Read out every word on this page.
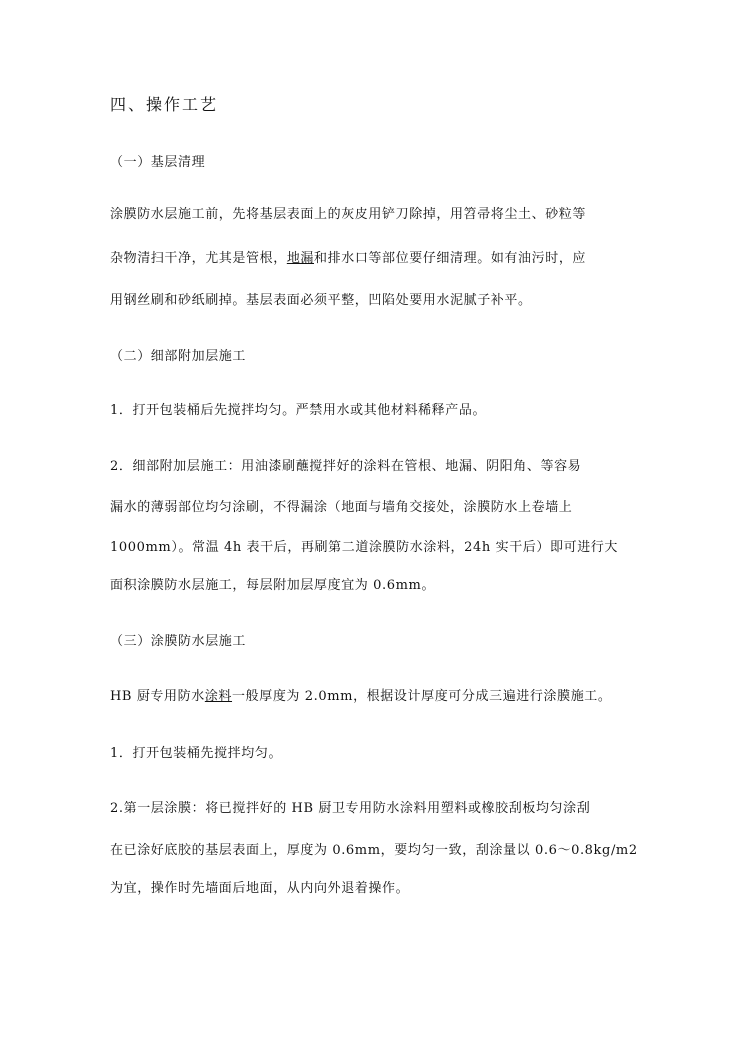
四、操作工艺
（一）基层清理
涂膜防水层施工前，先将基层表面上的灰皮用铲刀除掉，用笤帚将尘土、砂粒等
杂物清扫干净，尤其是管根，地漏和排水口等部位要仔细清理。如有油污时，应
用钢丝刷和砂纸刷掉。基层表面必须平整，凹陷处要用水泥腻子补平。
（二）细部附加层施工
1．打开包装桶后先搅拌均匀。严禁用水或其他材料稀释产品。
2．细部附加层施工：用油漆刷蘸搅拌好的涂料在管根、地漏、阴阳角、等容易
漏水的薄弱部位均匀涂刷，不得漏涂（地面与墙角交接处，涂膜防水上卷墙上
1000mm）。常温 4h 表干后，再刷第二道涂膜防水涂料，24h 实干后）即可进行大
面积涂膜防水层施工，每层附加层厚度宜为 0.6mm。
（三）涂膜防水层施工
HB 厨专用防水涂料一般厚度为 2.0mm，根据设计厚度可分成三遍进行涂膜施工。
1．打开包装桶先搅拌均匀。
2.第一层涂膜：将已搅拌好的 HB 厨卫专用防水涂料用塑料或橡胶刮板均匀涂刮
在已涂好底胶的基层表面上，厚度为 0.6mm，要均匀一致，刮涂量以 0.6～0.8kg/m2
为宜，操作时先墙面后地面，从内向外退着操作。
